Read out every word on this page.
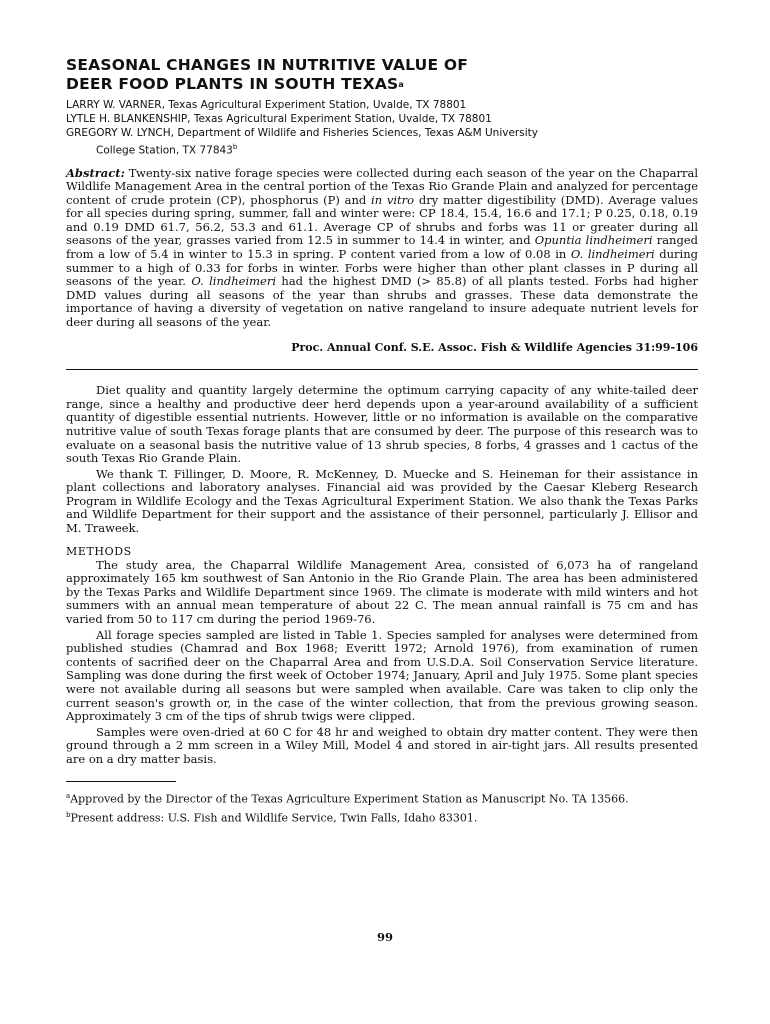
SEASONAL CHANGES IN NUTRITIVE VALUE OF
DEER FOOD PLANTS IN SOUTH TEXAS$^a$
LARRY W. VARNER, Texas Agricultural Experiment Station, Uvalde, TX 78801
LYTLE H. BLANKENSHIP, Texas Agricultural Experiment Station, Uvalde, TX 78801
GREGORY W. LYNCH, Department of Wildlife and Fisheries Sciences, Texas A&M University
College Station, TX 77843$^b$

Abstract: Twenty-six native forage species were collected during each season of the year on the Chaparral Wildlife Management Area in the central portion of the Texas Rio Grande Plain and analyzed for percentage content of crude protein (CP), phosphorus (P) and in vitro dry matter digestibility (DMD). Average values for all species during spring, summer, fall and winter were: CP 18.4, 15.4, 16.6 and 17.1; P 0.25, 0.18, 0.19 and 0.19 DMD 61.7, 56.2, 53.3 and 61.1. Average CP of shrubs and forbs was 11 or greater during all seasons of the year, grasses varied from 12.5 in summer to 14.4 in winter, and Opuntia lindheimeri ranged from a low of 5.4 in winter to 15.3 in spring. P content varied from a low of 0.08 in O. lindheimeri during summer to a high of 0.33 for forbs in winter. Forbs were higher than other plant classes in P during all seasons of the year. O. lindheimeri had the highest DMD (> 85.8) of all plants tested. Forbs had higher DMD values during all seasons of the year than shrubs and grasses. These data demonstrate the importance of having a diversity of vegetation on native rangeland to insure adequate nutrient levels for deer during all seasons of the year.

Proc. Annual Conf. S.E. Assoc. Fish & Wildlife Agencies 31:99-106

Diet quality and quantity largely determine the optimum carrying capacity of any white-tailed deer range, since a healthy and productive deer herd depends upon a year-around availability of a sufficient quantity of digestible essential nutrients. However, little or no information is available on the comparative nutritive value of south Texas forage plants that are consumed by deer. The purpose of this research was to evaluate on a seasonal basis the nutritive value of 13 shrub species, 8 forbs, 4 grasses and 1 cactus of the south Texas Rio Grande Plain.

We thank T. Fillinger, D. Moore, R. McKenney, D. Muecke and S. Heineman for their assistance in plant collections and laboratory analyses. Financial aid was provided by the Caesar Kleberg Research Program in Wildlife Ecology and the Texas Agricultural Experiment Station. We also thank the Texas Parks and Wildlife Department for their support and the assistance of their personnel, particularly J. Ellisor and M. Traweek.

METHODS

The study area, the Chaparral Wildlife Management Area, consisted of 6,073 ha of rangeland approximately 165 km southwest of San Antonio in the Rio Grande Plain. The area has been administered by the Texas Parks and Wildlife Department since 1969. The climate is moderate with mild winters and hot summers with an annual mean temperature of about 22 C. The mean annual rainfall is 75 cm and has varied from 50 to 117 cm during the period 1969-76.

All forage species sampled are listed in Table 1. Species sampled for analyses were determined from published studies (Chamrad and Box 1968; Everitt 1972; Arnold 1976), from examination of rumen contents of sacrified deer on the Chaparral Area and from U.S.D.A. Soil Conservation Service literature. Sampling was done during the first week of October 1974; January, April and July 1975. Some plant species were not available during all seasons but were sampled when available. Care was taken to clip only the current season's growth or, in the case of the winter collection, that from the previous growing season. Approximately 3 cm of the tips of shrub twigs were clipped.

Samples were oven-dried at 60 C for 48 hr and weighed to obtain dry matter content. They were then ground through a 2 mm screen in a Wiley Mill, Model 4 and stored in air-tight jars. All results presented are on a dry matter basis.

$^a$Approved by the Director of the Texas Agriculture Experiment Station as Manuscript No. TA 13566.

$^b$Present address: U.S. Fish and Wildlife Service, Twin Falls, Idaho 83301.

99
